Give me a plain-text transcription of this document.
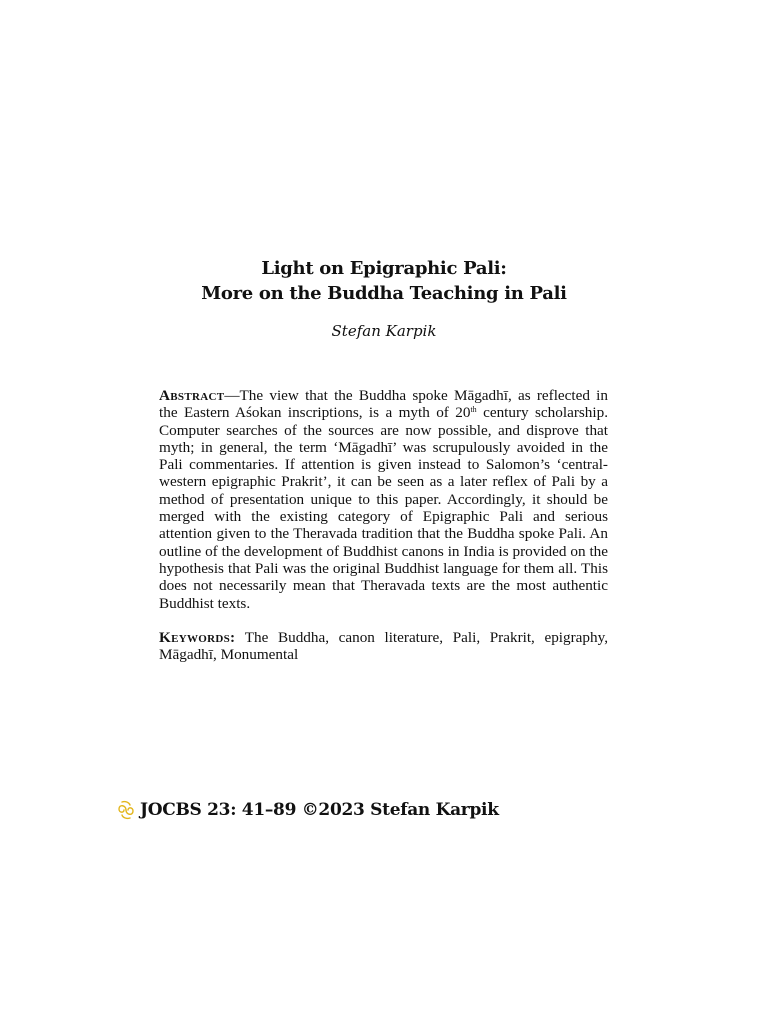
Light on Epigraphic Pali:
More on the Buddha Teaching in Pali
Stefan Karpik

Abstract—The view that the Buddha spoke Māgadhī, as reflected in the Eastern Aśokan inscriptions, is a myth of 20th century scholarship. Computer searches of the sources are now possible, and disprove that myth; in general, the term ‘Māgadhī’ was scrupulously avoided in the Pali commentaries. If attention is given instead to Salomon’s ‘central-western epigraphic Prakrit’, it can be seen as a later reflex of Pali by a method of presentation unique to this paper. Accordingly, it should be merged with the existing category of Epigraphic Pali and serious attention given to the Theravada tradition that the Buddha spoke Pali. An outline of the development of Buddhist canons in India is provided on the hypothesis that Pali was the original Buddhist language for them all. This does not necessarily mean that Theravada texts are the most authentic Buddhist texts.

Keywords: The Buddha, canon literature, Pali, Prakrit, epigraphy, Māgadhī, Monumental

JOCBS 23: 41–89 ©2023 Stefan Karpik
